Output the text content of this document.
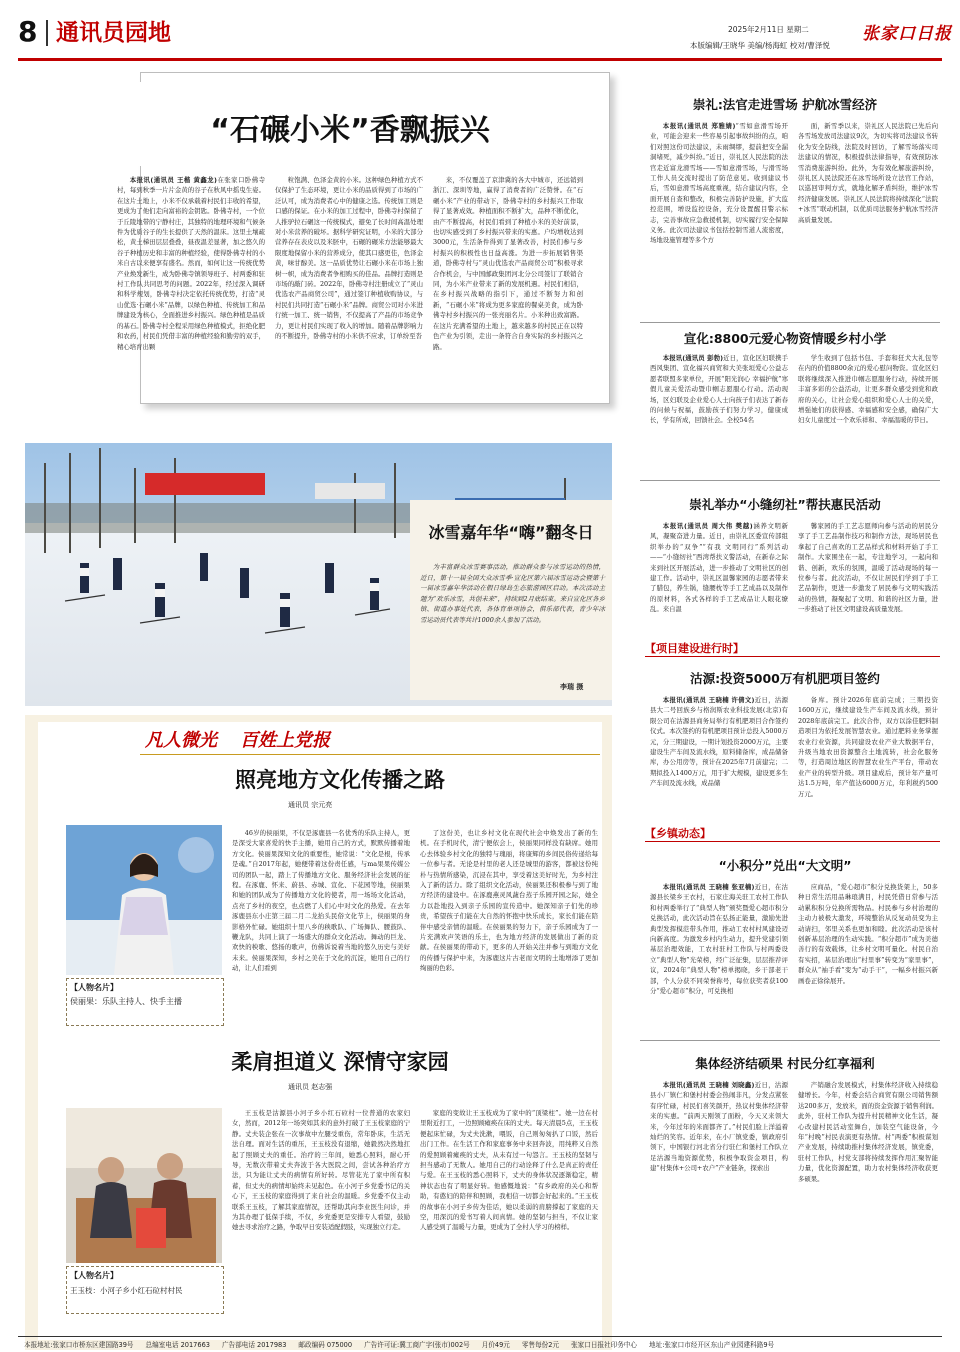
8 通讯员园地	2025年2月11日 星期二
本版编辑/王晓华 美编/杨海虹 校对/曹泽悦
张家口日报
“石碾小米”香飘振兴

本报讯(通讯员 王楷 黄鑫龙)在张家口卧佛寺村，每到秋季一片片金黄的谷子在秋风中摇曳生姿。在这片土地上，小米不仅承载着村民们丰收的希望，更成为了他们走向富裕的金钥匙。卧佛寺村，一个位于丘陵地带的宁静村庄，其独特的地理环境和气候条件为优质谷子的生长提供了天然的温床。这里土壤疏松，黄土梯田层层叠叠，昼夜温差显著，加之悠久的谷子种植历史和丰富的种植经验，使得卧佛寺村的小米自古以来便享有盛名。然而，如何让这一传统优势产业焕发新生，成为卧佛寺镇领导班子、村两委和驻村工作队共同思考的问题。2022年，经过深入调研和科学规划，卧佛寺村决定依托传统优势，打造“灵山优选·石碾小米”品牌，以绿色种植、传统加工和品牌建设为核心，全面推进乡村振兴。绿色种植是品质的基石。卧佛寺村全程采用绿色种植模式，拒绝化肥和农药，村民们凭借丰富的种植经验和勤劳的双手，精心培育出颗

粒饱满、色泽金黄的小米。这种绿色种植方式不仅保护了生态环境，更让小米的品质得到了市场的广泛认可，成为消费者心中的健康之选。传统加工则是口感的保证。在小米的加工过程中，卧佛寺村保留了人推驴拉石碾这一传统模式，避免了长时间高温处理对小米营养的破坏。据科学研究证明，小米的大部分营养存在表皮以及米胚中，石碾的碾米方法能够最大限度地保留小米的营养成分，使其口感更佳，色泽金黄，味甘醇美。这一品质优势让石碾小米在市场上独树一帜，成为消费者争相购买的佳品。品牌打造则是市场的敲门砖。2022年，卧佛寺村注册成立了“灵山优选农产品商贸公司”，通过签订种植收购协议，与村民们共同打造“石碾小米”品牌。商贸公司对小米进行统一加工、统一销售，不仅提高了产品的市场竞争力，更让村民们实现了收入的增加。随着品牌影响力的不断提升，卧佛寺村的小米供不应求，订单纷至沓

来，不仅覆盖了京津冀的各大中城市，还远销到浙江、深圳等地，赢得了消费者的广泛赞誉。在“石碾小米”产业的带动下，卧佛寺村的乡村振兴工作取得了显著成效。种植面积不断扩大，品种不断优化，由产不断提高，村民们看到了种植小米的美好前景，也切实感受到了乡村振兴带来的实惠。户均增收达到3000元，生活条件得到了显著改善，村民们参与乡村振兴的积极性也日益高涨。为进一步拓展销售渠道，卧佛寺村与“灵山优选农产品商贸公司”积极寻求合作机会，与中国邮政集团河北分公司签订了联销合同，为小米产业带来了新的发展机遇。村民们相信，在乡村振兴战略的指引下，通过不断努力和创新，“石碾小米”将成为更多家庭的餐桌美食，成为卧佛寺村乡村振兴的一张亮丽名片。小米种出致富路。在这片充满希望的土地上，越来越多的村民正在以特色产业为引领，走出一条符合自身实际的乡村振兴之路。

冰雪嘉年华“嗨”翻冬日
为丰富群众冰雪赛事活动，推动群众参与冰雪运动的热情，近日，第十一届全国大众冰雪季·宣化区第六届冰雪运动会暨第十一届冰雪嘉年华活动在假日绿岛生态旅游园区启动。本次活动主题为“欢乐冰雪，共创未来”，持续到2月底结束。来自宣化区各乡镇、街道办事处代表，各体育单项协会，俱乐部代表，青少年冰雪运动员代表等共计1000余人参加了活动。
李瑞 摄
凡人微光 百姓上党报
照亮地方文化传播之路
通讯员 宗元亮
【人物名片】
侯丽果：乐队主持人、快手主播

46岁的侯丽果，不仅是涿鹿县一名优秀的乐队主持人，更是深受大家喜爱的快手主播，她用自己的方式，默默传播着地方文化。侯丽果深知文化的重要性，她常说：“文化是根，传承是魂。”自2017年起，她便带着这份责任感，与ma果果传媒公司的团队一起，踏上了传播地方文化、服务经济社会发展的征程。在涿鹿、怀来、蔚县、赤城、宣化、下花园等地，侯丽果和她的团队成为了传播地方文化的使者，用一场场文化活动，点亮了乡村的夜空，也点燃了人们心中对文化的热爱。在去年涿鹿县东小庄第三届二月二龙抬头民俗文化节上，侯丽果的身影格外忙碌。她组织十里八乡的秧歌队、广场舞队、腰鼓队、鞭龙队，共同上演了一场盛大的群众文化活动。舞动的巨龙、欢快的秧歌、悠扬的歌声，仿佛诉说着当地的悠久历史与美好未来。侯丽果深知，乡村之美在于文化的沉淀，她用自己的行动，让人们看到

了这份美，也让乡村文化在现代社会中焕发出了新的生机。在手机时代，清宁便依会上，侯丽果同样没有缺席。她用心去体验乡村文化的独特与瑰丽，将康辉的乡间民俗传递给每一位参与者。无论是村里的老人还是城里的游客，都被这份纯朴与热情所感染，沉浸在其中，享受着这美好时光，为乡村注入了新的活力。除了组织文化活动，侯丽果还积极参与到了地方经济的建设中。在涿鹿燕灵风蔬台蒸子乐园开园之际，她全力以赴地投入到亲子乐园的宣传造中。她深知亲子们先的珍贵，希望孩子们能在大自然的怀抱中快乐成长，家长们能在陪伴中感受亲情的温暖。在侯丽果的努力下，亲子乐园成为了一片充满欢声笑语的乐土，也为地方经济的发展做出了新的贡献。在侯丽果的带动下，更多的人开始关注并参与到地方文化的传播与保护中来，为涿鹿这片古老而文明的土地增添了更加绚丽的色彩。

柔肩担道义 深情守家园
通讯员 赵志强
【人物名片】
王玉枝：小河子乡小红石砬村村民

王玉枝是沽源县小河子乡小红石砬村一位普通的农家妇女，然而，2012年一场突如其来的意外打破了王玉枝家庭的宁静。丈夫装企张在一次事故中左腿受重伤，常年卧床，生活无法自理。面对生活的重压，王玉枝没有退缩，她毅然决然地扛起了照顾丈夫的重任。治疗的三年间，她悉心照料，耐心开导，无数次带着丈夫奔波于各大医院之间，尝试各种治疗方法，只为能让丈夫的病情有所好转。尽管花光了家中所有积蓄，但丈夫的病情却始终未见起色。在小河子乡党委书记的关心下，王玉枝的家庭得到了来自社会的温暖。乡党委不仅主动联系王玉枝，了解其家庭情况，还帮助其向李业医生问诊，并为其办理了低保手续，不仅，乡党委更是安排专人看望，鼓励她去寻求治疗之路，争取早日安装适配假肢，实现独立行走。

家庭的变故让王玉枝成为了家中的“顶梁柱”。她一边在村里附近打工，一边照顾瘫痪在床的丈夫。每天清晨5点，王玉枝便起床忙碌，为丈夫洗漱，喂饭，自己则匆匆扒了口饭，然后出门工作。在生活工作和家庭事务中来回奔波，用纯粹又自然的爱照顾着瘫痪的丈夫，从未有过一句怨言。王玉枝的坚韧与担当感动了无数人。她用自己的行动诠释了什么是真正的责任与爱。在王玉枝的悉心照料下，丈夫的身体状况逐渐稳定，精神状态也有了明显好转。他感慨地说：“有乡政府的关心和帮助，有憨妇的陪伴和照顾，我相信一切都会好起来的。”王玉枝的故事在小河子乡传为佳话，她以柔弱的肩膀撑起了家庭的天空，用深沉的爱书写着人间真情。她的坚韧与担当，不仅让家人感受到了温暖与力量，更成为了全村人学习的榜样。

崇礼:法官走进雪场 护航冰雪经济

本报讯(通讯员 郑雅婧)“雪如意滑雪场开业，可能会迎来一些容易引起事故纠纷的点，咱们对照这份司法建议，未雨绸缪，提前把安全漏洞堵死，减少纠纷。”近日，崇礼区人民法院的法官走近富龙滑雪场——雪如意滑雪场，与滑雪场工作人员交流时提出了防范意见。收到建议书后，雪如意滑雪场高度重视，结合建议内容，全面开展自查和整改，积极完善防护设施，扩大监控范围，增设监控设备，充分设置醒目警示标志，完善事故应急救援机制，切实履行安全保障义务。此次司法建议书包括控制雪道人流密度，场地设施管理等多个方

面，新雪季以来，崇礼区人民法院已先后向各雪场发放司法建议9次，为切实将司法建议书转化为安全防线，法院及时回访，了解雪场落实司法建议的情况，积极提供法律指导，有效预防冰雪消费旅游纠纷。此外，为有效化解旅游纠纷，崇礼区人民法院还在冰雪场所设立法官工作站，以巡回审判方式，就地化解矛盾纠纷，维护冰雪经济健康发展。崇礼区人民法院将持续深化“法院+冰雪”联动机制，以优质司法服务护航冰雪经济高质量发展。

宣化:8800元爱心物资情暖乡村小学

本报讯(通讯员 彭勃)近日，宣化区妇联携手西风集团、宣化福兴商贸和大美张垣爱心公益志愿者联盟多家单位，开展“阳光润心 幸福护航”寒假儿童关爱活动暨巾帼志愿服心行动。活动现场，区妇联及企业爱心人士向孩子们表达了新春的问候与祝福，鼓励孩子们努力学习，健康成长，学有所成，回馈社会。全校54名

学生收到了包括书包、手套和狂犬大礼包等在内的价值8800余元的爱心慰问物资。宣化区妇联将继续深入推进巾帼志愿服务行动，持续开展丰富多彩的公益活动，让更多群众感受到党和政府的关心，让社会爱心组织和爱心人士的关爱，增强她们的获得感、幸福感和安全感，确保广大妇女儿童度过一个欢乐祥和、幸福温暖的节日。

崇礼举办“小缝纫社”帮扶惠民活动

本报讯(通讯员 周大伟 樊越)涵养文明新风，凝聚奋进力量。近日，由崇礼区委宣传部组织举办的“双争”“有我 文明同行”系列活动——“小缝纫社”西湾帮扶义警活动，在新春之际来到社区开展活动，进一步推动了文明社区的创建工作。活动中，崇礼区温馨家园的志愿者带来了腊包，养生锅，缝腰枕等手工艺成品以及制作的原材料，各式各样的手工艺成品让人眼花缭乱。来自温

馨家园的手工艺志愿师向参与活动的居民分享了手工艺品制作技巧和制作方法，现场居民也拿起了自己喜欢的工艺品样式和材料开始了手工制作。大家围坐在一起，专注地学习，一起向和谐、创新，欢乐的氛围，温暖了活动现场的每一位参与者。此次活动，不仅让居民们学到了手工艺品制作，更进一步激发了居民参与文明实践活动的热情，凝聚起了文明、和谐的社区力量，进一步推动了社区文明建设高质量发展。

【项目建设进行时】
沽源:投资5000万有机肥项目签约

本报讯(通讯员 王晓楠 许倩文)近日，沽源县大二号回族乡与格润斯农业科技发展(北京)有限公司在沽源县商务局举行有机肥项目合作签约仪式。本次签约的有机肥项目预计总投入5000万元，分三期建设，一期计划投资2000万元，主要建设生产车间及流水线，原料储备库，成品储备库，办公用房等，预计在2025年7月前建完；二期拟投入1400万元，用于扩大规模，建设更多生产车间及流水线，成品储

备库。预计2026年底前完成；三期投资1600万元，继续建设生产车间及流水线，预计2028年底前完工。此次合作，双方以涂佳肥料制造项目为依托发展智慧农业。通过肥料业务掌握农业行业资源，共同建设农业产业大数据平台，升级当地农田资源整合土地流转，社会化服务等，打造周边地区的智慧农业生产平台，带动农业产业的转型升级。项目建成后，预计年产量可达1.5万吨，年产值达6000万元，年利税约500万元。

【乡镇动态】
“小积分”兑出“大文明”

本报讯(通讯员 王晓楠 张亚楠)近日，在沽源县长梁乡王衣村，石家庄海关驻工农村工作队和村两委举行了“典型人物”颁奖暨爱心超市积分兑换活动，此次活动旨在弘扬正能量，激励先进典型发挥模范带头作用，推动工农村村风建设迈向新高度。为激发乡村内生动力，提升党建引领基层治理效能，工农村驻村工作队与村两委设立“典型人物”光荣榜，经广泛征集，层层推荐评议，2024年“典型人物”榜单揭晓，乡干部老干部，个人分获不同荣誉称号，每位获奖者获100分“爱心超市”积分，可兑换相

应商品，“爱心超市”积分兑换货架上，50多种日常生活用品琳琅满目，村民凭借日常参与活动累积积分兑换所需物品。村民参与乡村治理的主动力被极大激发，环境整治从反复动员变为主动请扫，邻里关系也更加和睦。此次活动是该村创新基层治理的生动实践。“积分超市”成为美德善行的有效载体，让乡村文明可量化。村民自治有实招，基层治理出“村里事”转变为“家里事”，群众从“袖手看”变为“动手干”，一幅乡村振兴新画卷正徐徐展开。

集体经济结硕果 村民分红享福利

本报讯(通讯员 王晓楠 刘晓鑫)近日，沽源县小厂镇仁和堡村村委会热闹非凡，分发点紧张有序忙碌，村民们喜笑颜开，热议村集体经济带来的实惠。“前两天刚领了面粉，今天又来领大米，今年过年的米面都齐了。”村民们脸上洋溢着灿烂的笑容。近年来，在小厂镇党委，镇政府引领下，中国银行河北省分行驻仁和堡村工作队立足沽源当地资源优势，积极争取资金项目，构建“村集体+公司+农户”产业链条，探索出

产销融合发展模式，村集体经济收入持续稳健增长。今年，村委会结合商贸有限公司销售额达200多万，发放米，面的资金资源于销售利润。此外，驻村工作队为提升村民精神文化生活，凝心改建村民活动室舞台，加装空气能设备，今年“村晚”村民表演更有热情。村“两委”积极谋划产业发展，持续助推村集体经济发展，镇党委，驻村工作队，村党支部将持续发挥作用汇聚智能力量，优化资源配置，助力农村集体经济收获更多硕果。

本报地址:张家口市桥东区建国路39号 总编室电话 2017663 广告部电话 2017983 邮政编码 075000 广告许可证:冀工商广字(张市)002号 月价49元 零售每份2元 张家口日报社印务中心 地址:张家口市经开区东山产业园建科路9号
